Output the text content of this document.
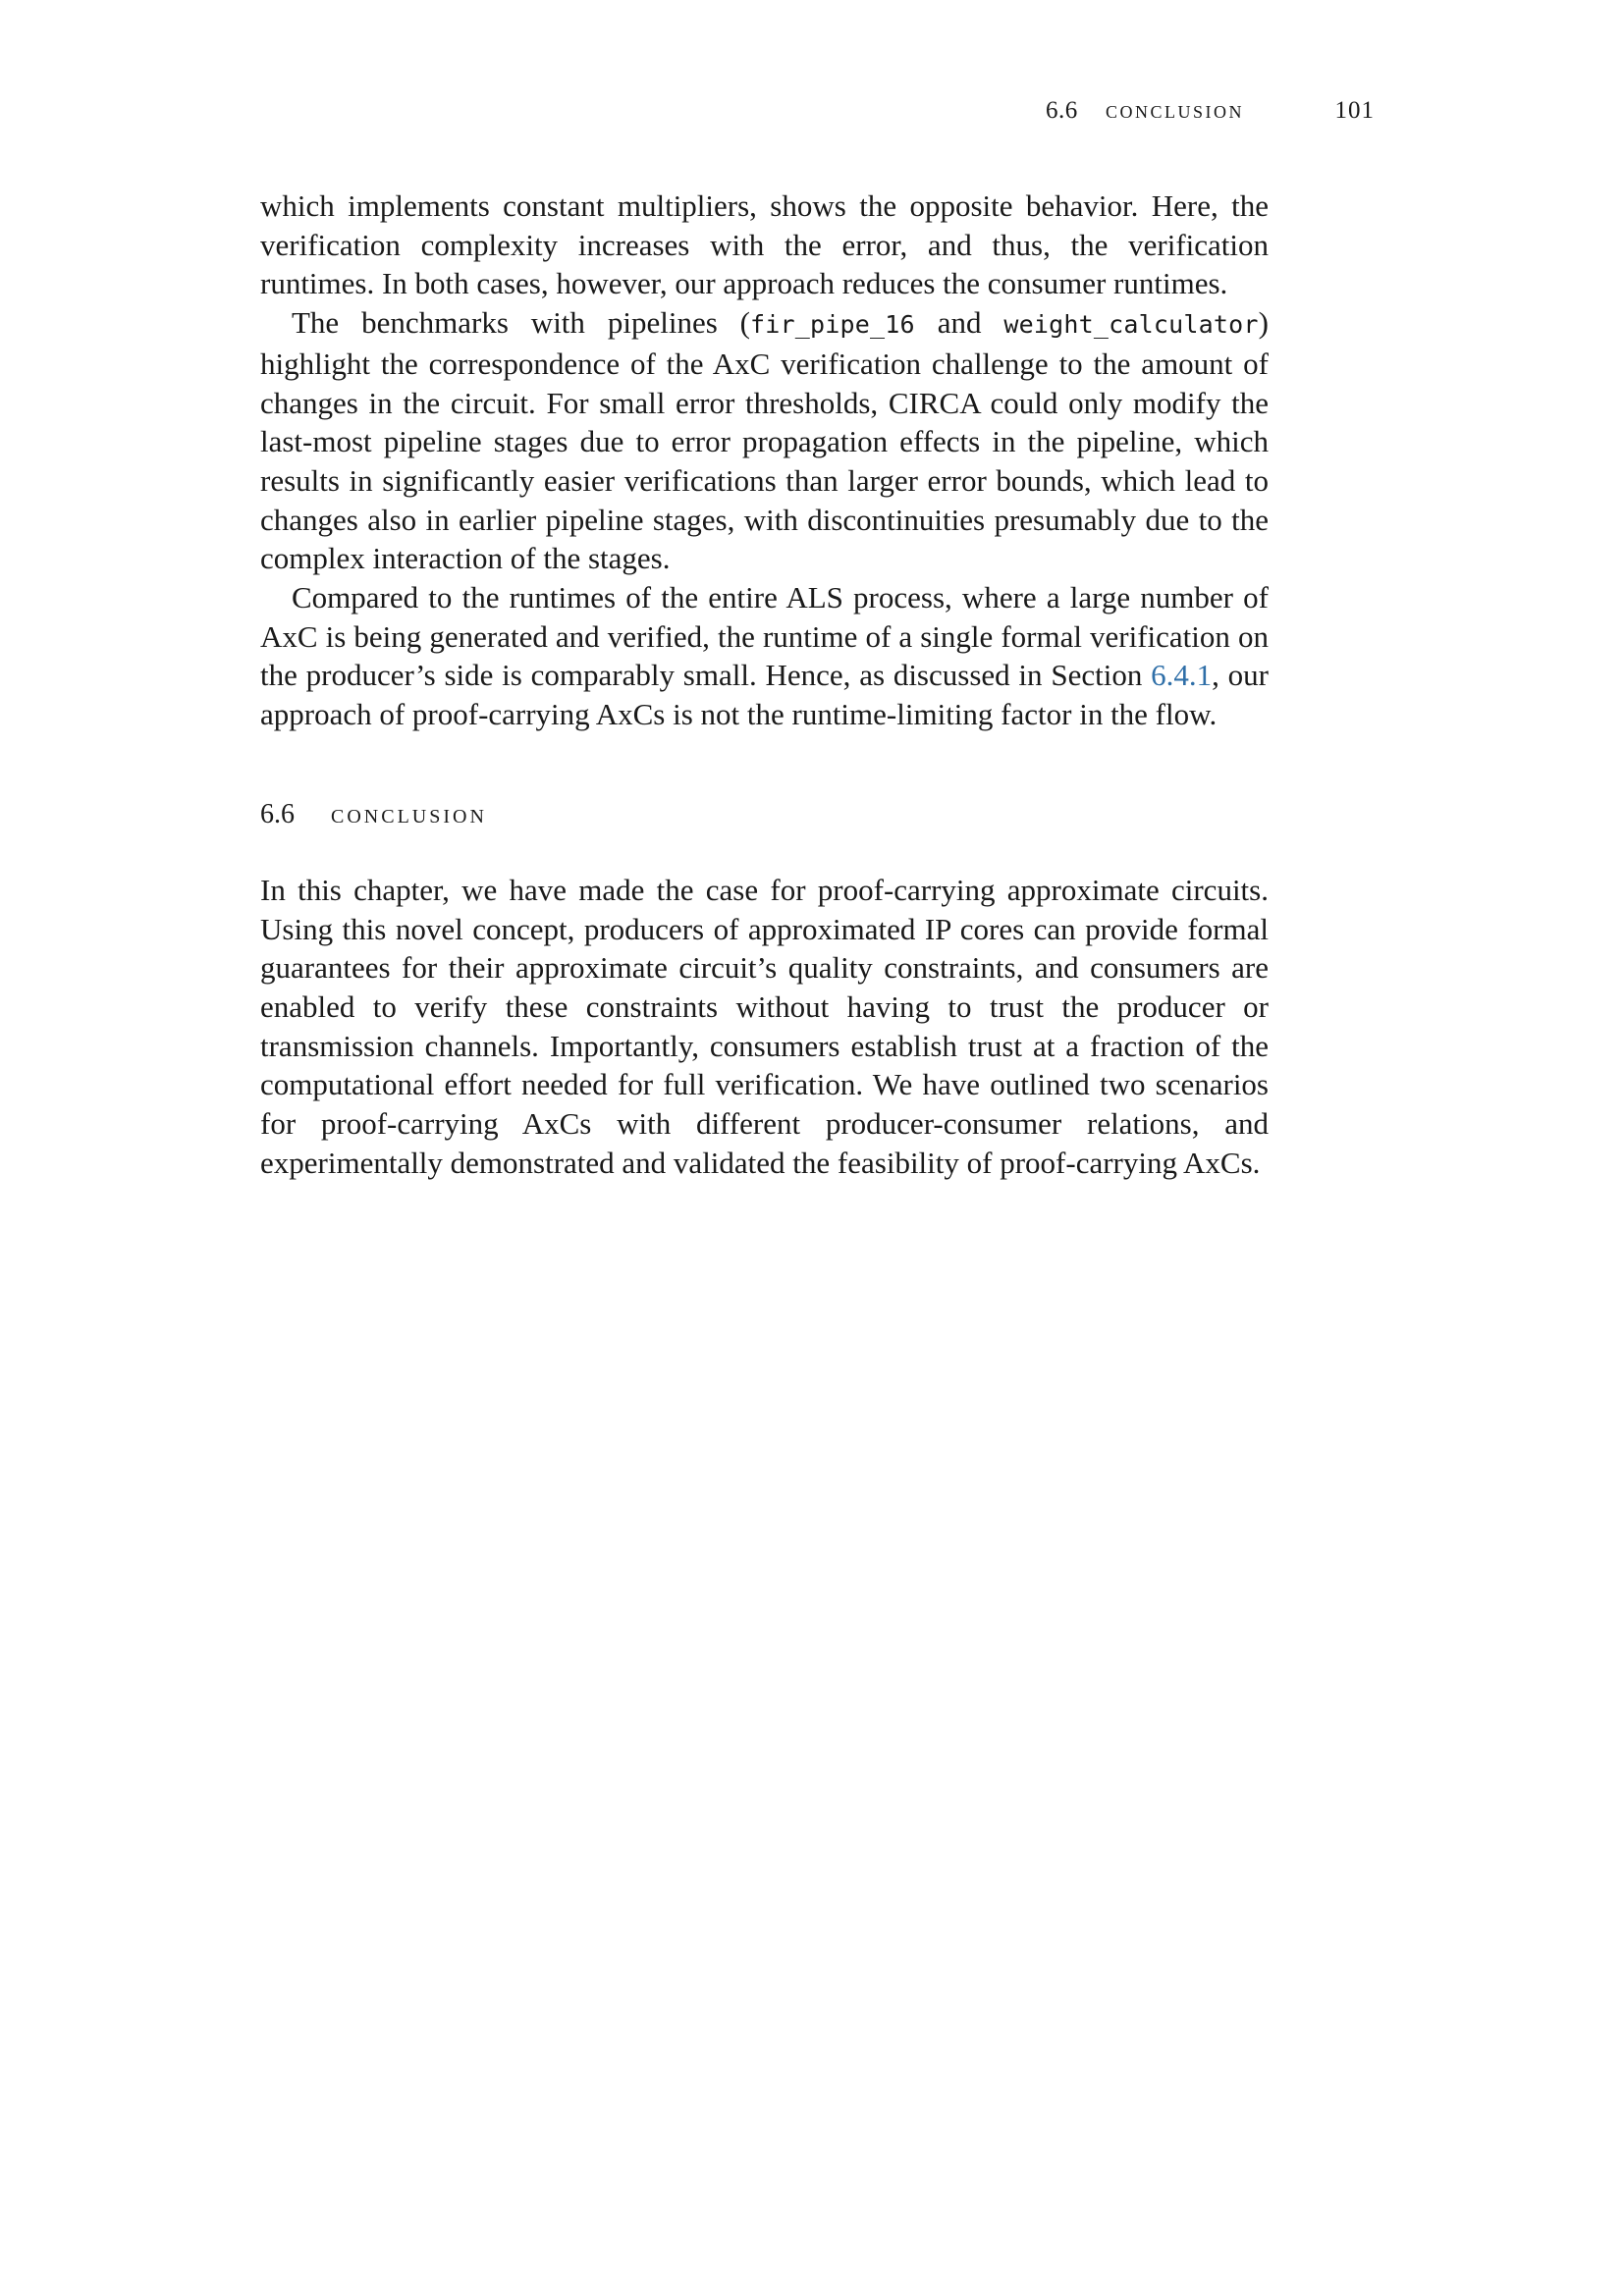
6.6 conclusion	101

which implements constant multipliers, shows the opposite behavior. Here, the verification complexity increases with the error, and thus, the verification runtimes. In both cases, however, our approach reduces the consumer runtimes.

The benchmarks with pipelines (fir_pipe_16 and weight_calculator) highlight the correspondence of the AxC verification challenge to the amount of changes in the circuit. For small error thresholds, CIRCA could only modify the last-most pipeline stages due to error propagation effects in the pipeline, which results in significantly easier verifications than larger error bounds, which lead to changes also in earlier pipeline stages, with discontinuities presumably due to the complex interaction of the stages.

Compared to the runtimes of the entire ALS process, where a large number of AxC is being generated and verified, the runtime of a single formal verification on the producer’s side is comparably small. Hence, as discussed in Section 6.4.1, our approach of proof-carrying AxCs is not the runtime-limiting factor in the flow.

6.6 conclusion

In this chapter, we have made the case for proof-carrying approximate circuits. Using this novel concept, producers of approximated IP cores can provide formal guarantees for their approximate circuit’s quality constraints, and consumers are enabled to verify these constraints without having to trust the producer or transmission channels. Importantly, consumers establish trust at a fraction of the computational effort needed for full verification. We have outlined two scenarios for proof-carrying AxCs with different producer-consumer relations, and experimentally demonstrated and validated the feasibility of proof-carrying AxCs.
